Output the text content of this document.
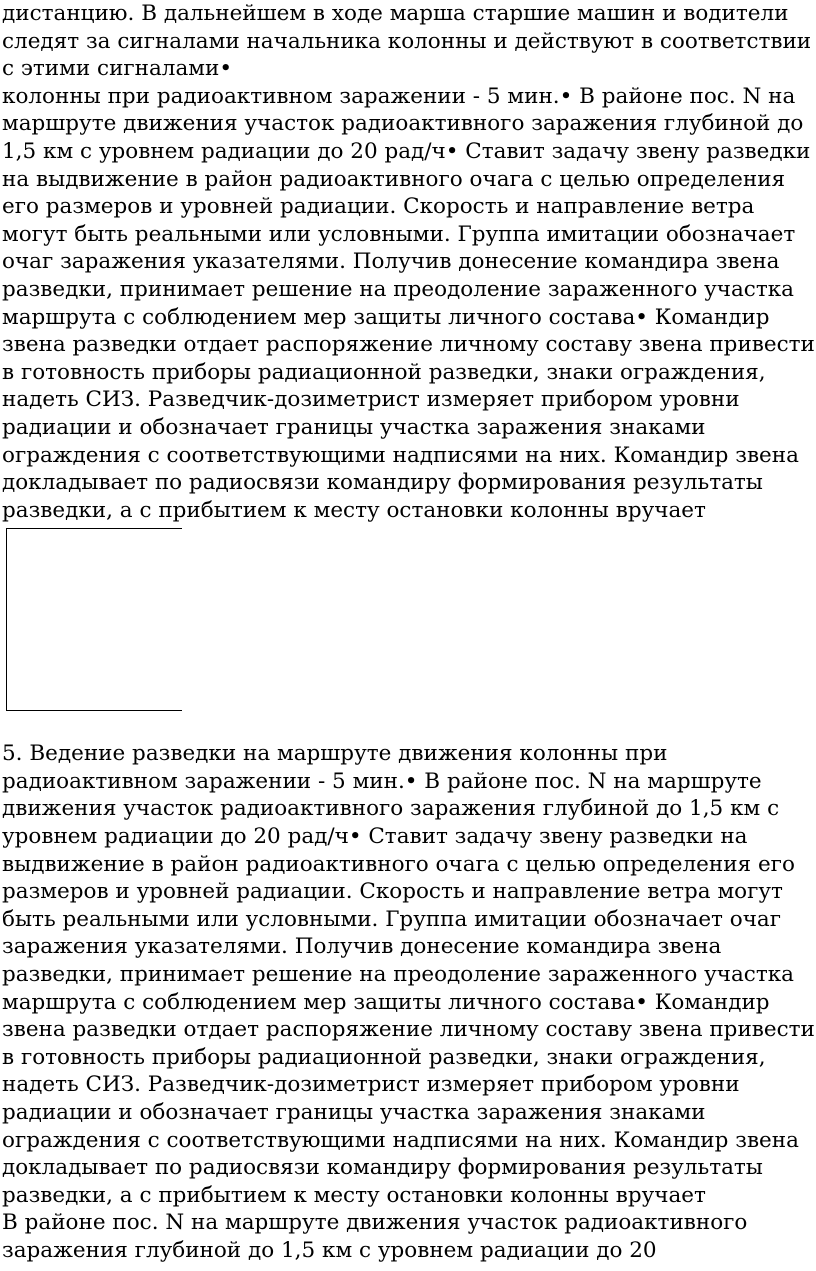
дистанцию. В дальнейшем в ходе марша старшие машин и водители
следят за сигналами начальника колонны и действуют в соответствии
с этими сигналами•
колонны при радиоактивном заражении - 5 мин.• В районе пос. N на
маршруте движения участок радиоактивного заражения глубиной до
1,5 км с уровнем радиации до 20 рад/ч• Ставит задачу звену разведки
на выдвижение в район радиоактивного очага с целью определения
его размеров и уровней радиации. Скорость и направление ветра
могут быть реальными или условными. Группа имитации обозначает
очаг заражения указателями. Получив донесение командира звена
разведки, принимает решение на преодоление зараженного участка
маршрута с соблюдением мер защиты личного состава• Командир
звена разведки отдает распоряжение личному составу звена привести
в готовность приборы радиационной разведки, знаки ограждения,
надеть СИЗ. Разведчик-дозиметрист измеряет прибором уровни
радиации и обозначает границы участка заражения знаками
ограждения с соответствующими надписями на них. Командир звена
докладывает по радиосвязи командиру формирования результаты
разведки, а с прибытием к месту остановки колонны вручает
5. Ведение разведки на маршруте движения колонны при
радиоактивном заражении - 5 мин.• В районе пос. N на маршруте
движения участок радиоактивного заражения глубиной до 1,5 км с
уровнем радиации до 20 рад/ч• Ставит задачу звену разведки на
выдвижение в район радиоактивного очага с целью определения его
размеров и уровней радиации. Скорость и направление ветра могут
быть реальными или условными. Группа имитации обозначает очаг
заражения указателями. Получив донесение командира звена
разведки, принимает решение на преодоление зараженного участка
маршрута с соблюдением мер защиты личного состава• Командир
звена разведки отдает распоряжение личному составу звена привести
в готовность приборы радиационной разведки, знаки ограждения,
надеть СИЗ. Разведчик-дозиметрист измеряет прибором уровни
радиации и обозначает границы участка заражения знаками
ограждения с соответствующими надписями на них. Командир звена
докладывает по радиосвязи командиру формирования результаты
разведки, а с прибытием к месту остановки колонны вручает
В районе пос. N на маршруте движения участок радиоактивного
заражения глубиной до 1,5 км с уровнем радиации до 20
